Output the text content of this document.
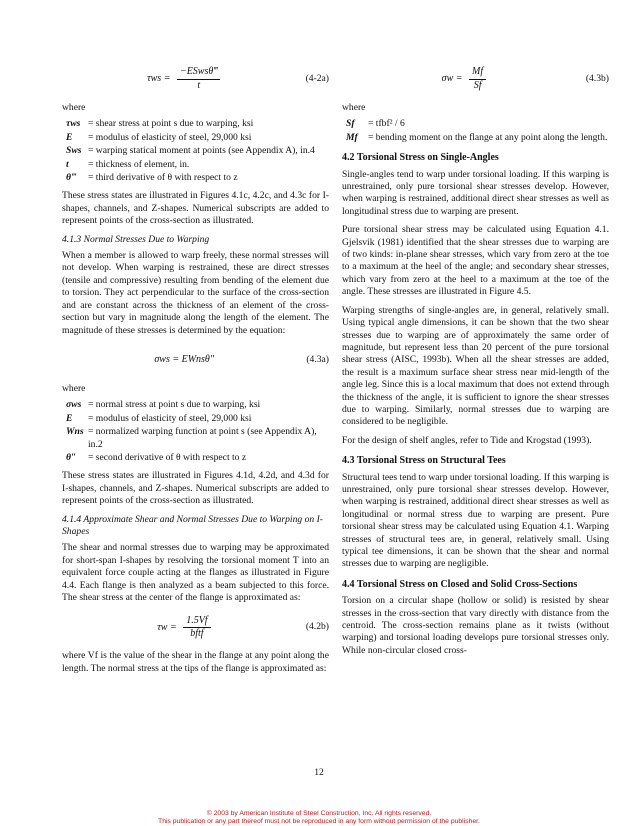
$\tau ws = \frac{\text{−ESwsθ‴}}{t}$	(4-2a)
where
τws = shear stress at point s due to warping, ksi
E	= modulus of elasticity of steel, 29,000 ksi
Sws = warping statical moment at points (see Appendix A), in.4
t	= thickness of element, in.
θ‴	= third derivative of θ with respect to z

These stress states are illustrated in Figures 4.1c, 4.2c, and 4.3c for I-shapes, channels, and Z-shapes. Numerical subscripts are added to represent points of the cross-section as illustrated.

4.1.3 Normal Stresses Due to Warping

When a member is allowed to warp freely, these normal stresses will not develop. When warping is restrained, these are direct stresses (tensile and compressive) resulting from bending of the element due to torsion. They act perpendicular to the surface of the cross-section and are constant across the thickness of an element of the cross-section but vary in magnitude along the length of the element. The magnitude of these stresses is determined by the equation:

σws = EWnsθ″	(4.3a)
where
σws = normal stress at point s due to warping, ksi
E	= modulus of elasticity of steel, 29,000 ksi
Wns = normalized warping function at point s (see Appendix A), in.2
θ″	= second derivative of θ with respect to z

These stress states are illustrated in Figures 4.1d, 4.2d, and 4.3d for I-shapes, channels, and Z-shapes. Numerical subscripts are added to represent points of the cross-section as illustrated.

4.1.4 Approximate Shear and Normal Stresses Due to Warping on I-Shapes

The shear and normal stresses due to warping may be approximated for short-span I-shapes by resolving the torsional moment T into an equivalent force couple acting at the flanges as illustrated in Figure 4.4. Each flange is then analyzed as a beam subjected to this force. The shear stress at the center of the flange is approximated as:

$\tau w = \frac{1.5Vf}{\text{bftf}}$	(4.2b)

where Vf is the value of the shear in the flange at any point along the length. The normal stress at the tips of the flange is approximated as:

$\sigma w = \frac{Mf}{Sf}$	(4.3b)
where
Sf	= tfbf² / 6
Mf	= bending moment on the flange at any point along the length.
4.2 Torsional Stress on Single-Angles

Single-angles tend to warp under torsional loading. If this warping is unrestrained, only pure torsional shear stresses develop. However, when warping is restrained, additional direct shear stresses as well as longitudinal stress due to warping are present.

Pure torsional shear stress may be calculated using Equation 4.1. Gjelsvik (1981) identified that the shear stresses due to warping are of two kinds: in-plane shear stresses, which vary from zero at the toe to a maximum at the heel of the angle; and secondary shear stresses, which vary from zero at the heel to a maximum at the toe of the angle. These stresses are illustrated in Figure 4.5.

Warping strengths of single-angles are, in general, relatively small. Using typical angle dimensions, it can be shown that the two shear stresses due to warping are of approximately the same order of magnitude, but represent less than 20 percent of the pure torsional shear stress (AISC, 1993b). When all the shear stresses are added, the result is a maximum surface shear stress near mid-length of the angle leg. Since this is a local maximum that does not extend through the thickness of the angle, it is sufficient to ignore the shear stresses due to warping. Similarly, normal stresses due to warping are considered to be negligible.

For the design of shelf angles, refer to Tide and Krogstad (1993).

4.3 Torsional Stress on Structural Tees

Structural tees tend to warp under torsional loading. If this warping is unrestrained, only pure torsional shear stresses develop. However, when warping is restrained, additional direct shear stresses as well as longitudinal or normal stress due to warping are present. Pure torsional shear stress may be calculated using Equation 4.1. Warping stresses of structural tees are, in general, relatively small. Using typical tee dimensions, it can be shown that the shear and normal stresses due to warping are negligible.

4.4 Torsional Stress on Closed and Solid Cross-Sections

Torsion on a circular shape (hollow or solid) is resisted by shear stresses in the cross-section that vary directly with distance from the centroid. The cross-section remains plane as it twists (without warping) and torsional loading develops pure torsional stresses only. While non-circular closed cross-

12
© 2003 by American Institute of Steel Construction, Inc. All rights reserved.
This publication or any part thereof must not be reproduced in any form without permission of the publisher.
